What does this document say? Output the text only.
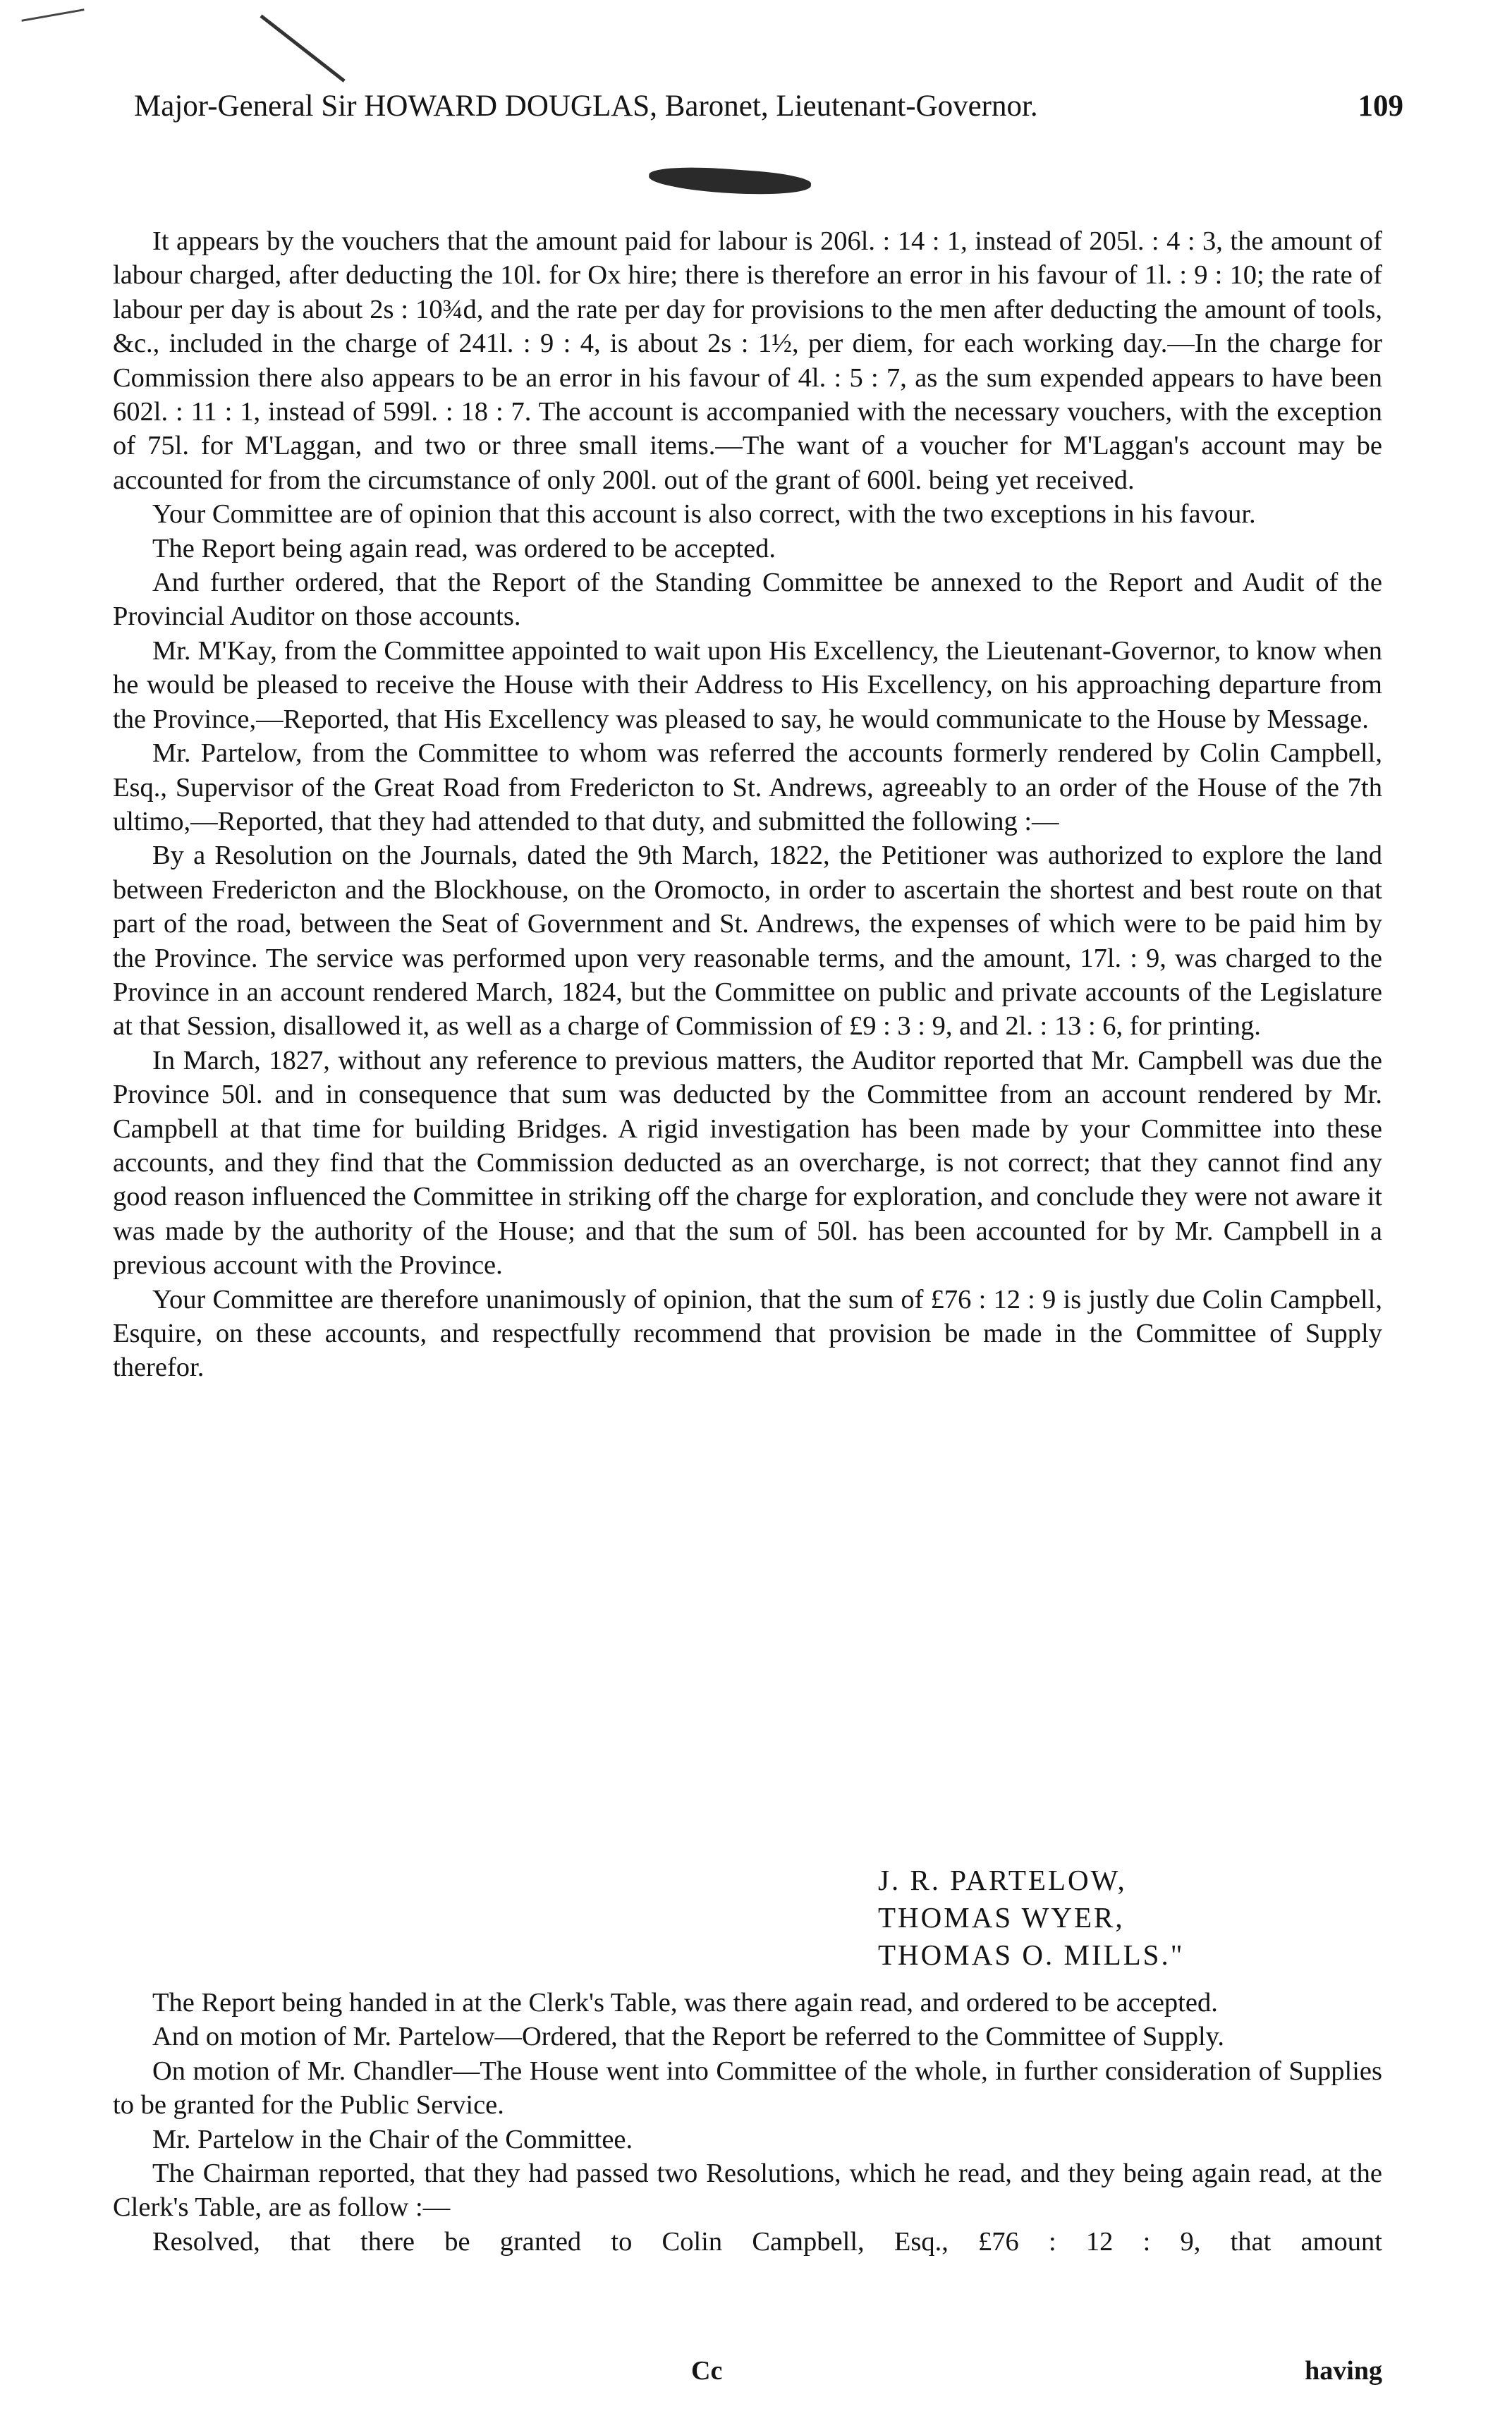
Major-General Sir HOWARD DOUGLAS, Baronet, Lieutenant-Governor.	109

It appears by the vouchers that the amount paid for labour is 206l. : 14 : 1, instead of 205l. : 4 : 3, the amount of labour charged, after deducting the 10l. for Ox hire; there is therefore an error in his favour of 1l. : 9 : 10; the rate of labour per day is about 2s : 10¾d, and the rate per day for provisions to the men after deducting the amount of tools, &c., included in the charge of 241l. : 9 : 4, is about 2s : 1½, per diem, for each working day.—In the charge for Commission there also appears to be an error in his favour of 4l. : 5 : 7, as the sum expended appears to have been 602l. : 11 : 1, instead of 599l. : 18 : 7. The account is accompanied with the necessary vouchers, with the exception of 75l. for M'Laggan, and two or three small items.—The want of a voucher for M'Laggan's account may be accounted for from the circumstance of only 200l. out of the grant of 600l. being yet received.

Your Committee are of opinion that this account is also correct, with the two exceptions in his favour.

The Report being again read, was ordered to be accepted.

And further ordered, that the Report of the Standing Committee be annexed to the Report and Audit of the Provincial Auditor on those accounts.

Mr. M'Kay, from the Committee appointed to wait upon His Excellency, the Lieutenant-Governor, to know when he would be pleased to receive the House with their Address to His Excellency, on his approaching departure from the Province,—Reported, that His Excellency was pleased to say, he would communicate to the House by Message.

Mr. Partelow, from the Committee to whom was referred the accounts formerly rendered by Colin Campbell, Esq., Supervisor of the Great Road from Fredericton to St. Andrews, agreeably to an order of the House of the 7th ultimo,—Reported, that they had attended to that duty, and submitted the following :—

By a Resolution on the Journals, dated the 9th March, 1822, the Petitioner was authorized to explore the land between Fredericton and the Blockhouse, on the Oromocto, in order to ascertain the shortest and best route on that part of the road, between the Seat of Government and St. Andrews, the expenses of which were to be paid him by the Province. The service was performed upon very reasonable terms, and the amount, 17l. : 9, was charged to the Province in an account rendered March, 1824, but the Committee on public and private accounts of the Legislature at that Session, disallowed it, as well as a charge of Commission of £9 : 3 : 9, and 2l. : 13 : 6, for printing.

In March, 1827, without any reference to previous matters, the Auditor reported that Mr. Campbell was due the Province 50l. and in consequence that sum was deducted by the Committee from an account rendered by Mr. Campbell at that time for building Bridges. A rigid investigation has been made by your Committee into these accounts, and they find that the Commission deducted as an overcharge, is not correct; that they cannot find any good reason influenced the Committee in striking off the charge for exploration, and conclude they were not aware it was made by the authority of the House; and that the sum of 50l. has been accounted for by Mr. Campbell in a previous account with the Province.

Your Committee are therefore unanimously of opinion, that the sum of £76 : 12 : 9 is justly due Colin Campbell, Esquire, on these accounts, and respectfully recommend that provision be made in the Committee of Supply therefor.

J. R. PARTELOW,
THOMAS WYER,
THOMAS O. MILLS."

The Report being handed in at the Clerk's Table, was there again read, and ordered to be accepted.

And on motion of Mr. Partelow—Ordered, that the Report be referred to the Committee of Supply.

On motion of Mr. Chandler—The House went into Committee of the whole, in further consideration of Supplies to be granted for the Public Service.

Mr. Partelow in the Chair of the Committee.

The Chairman reported, that they had passed two Resolutions, which he read, and they being again read, at the Clerk's Table, are as follow :—

Resolved, that there be granted to Colin Campbell, Esq., £76 : 12 : 9, that amount

Cc	having
